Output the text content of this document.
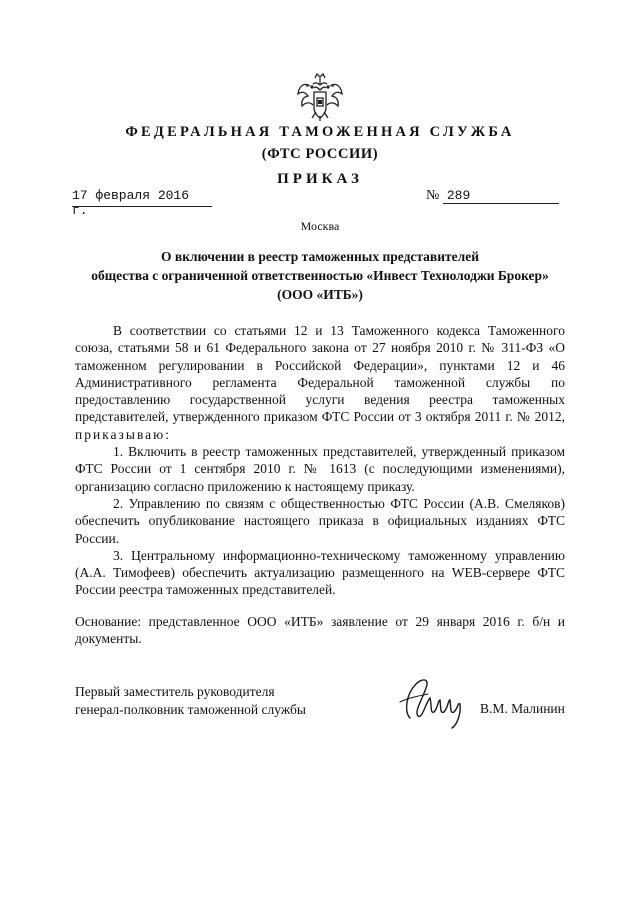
ФЕДЕРАЛЬНАЯ ТАМОЖЕННАЯ СЛУЖБА
(ФТС РОССИИ)
ПРИКАЗ
17 февраля 2016 г.
№ 289
Москва
О включении в реестр таможенных представителей
общества с ограниченной ответственностью «Инвест Технолоджи Брокер»
(ООО «ИТБ»)

В соответствии со статьями 12 и 13 Таможенного кодекса Таможенного союза, статьями 58 и 61 Федерального закона от 27 ноября 2010 г. № 311-ФЗ «О таможенном регулировании в Российской Федерации», пунктами 12 и 46 Административного регламента Федеральной таможенной службы по предоставлению государственной услуги ведения реестра таможенных представителей, утвержденного приказом ФТС России от 3 октября 2011 г. № 2012, приказываю:

1. Включить в реестр таможенных представителей, утвержденный приказом ФТС России от 1 сентября 2010 г. № 1613 (с последующими изменениями), организацию согласно приложению к настоящему приказу.

2. Управлению по связям с общественностью ФТС России (А.В. Смеляков) обеспечить опубликование настоящего приказа в официальных изданиях ФТС России.

3. Центральному информационно-техническому таможенному управлению (А.А. Тимофеев) обеспечить актуализацию размещенного на WEB-сервере ФТС России реестра таможенных представителей.

Основание: представленное ООО «ИТБ» заявление от 29 января 2016 г. б/н и документы.

Первый заместитель руководителя
генерал-полковник таможенной службы	В.М. Малинин
